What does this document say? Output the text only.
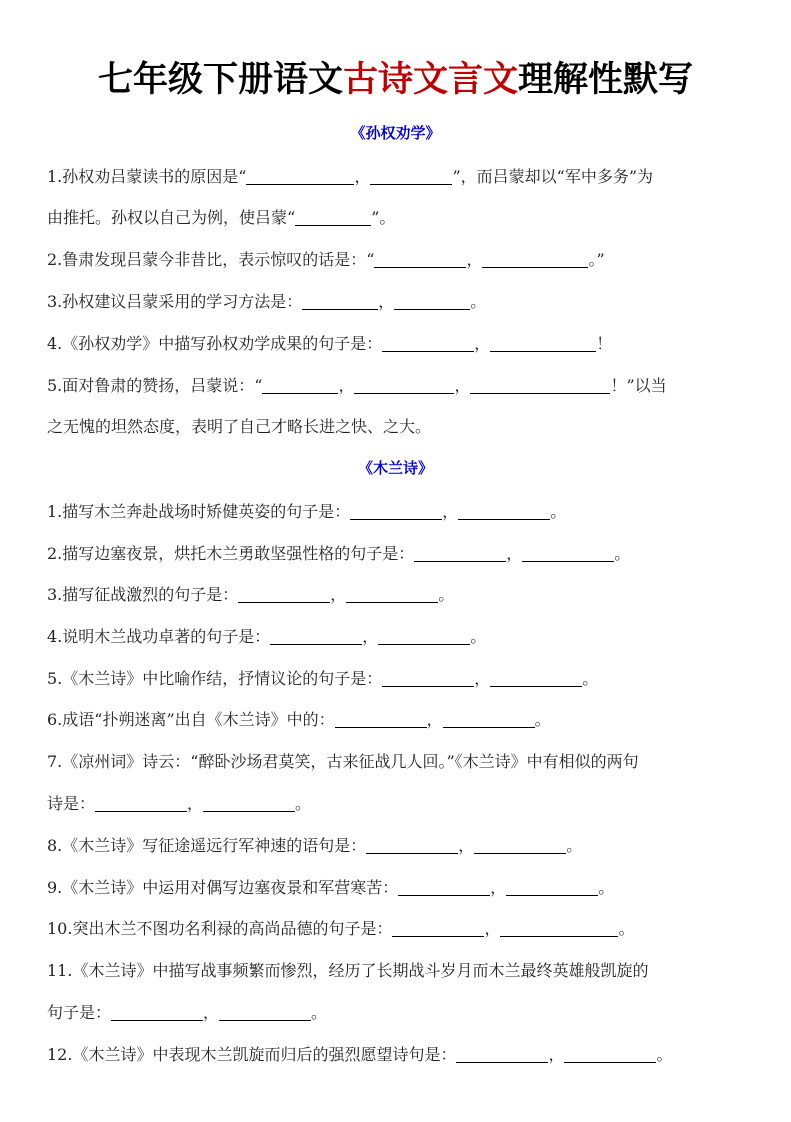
七年级下册语文古诗文言文理解性默写
《孙权劝学》
1.孙权劝吕蒙读书的原因是“	，	”，而吕蒙却以“军中多务”为
由推托。孙权以自己为例，使吕蒙“	”。
2.鲁肃发现吕蒙今非昔比，表示惊叹的话是：“	，	。”
3.孙权建议吕蒙采用的学习方法是：	，	。
4.《孙权劝学》中描写孙权劝学成果的句子是：	，	！
5.面对鲁肃的赞扬，吕蒙说：“	，	，	！”以当
之无愧的坦然态度，表明了自己才略长进之快、之大。
《木兰诗》
1.描写木兰奔赴战场时矫健英姿的句子是：	，	。
2.描写边塞夜景，烘托木兰勇敢坚强性格的句子是：	，	。
3.描写征战激烈的句子是：	，	。
4.说明木兰战功卓著的句子是：	，	。
5.《木兰诗》中比喻作结，抒情议论的句子是：	，	。
6.成语“扑朔迷离”出自《木兰诗》中的：	，	。
7.《凉州词》诗云：“醉卧沙场君莫笑，古来征战几人回。”《木兰诗》中有相似的两句
诗是：	，	。
8.《木兰诗》写征途遥远行军神速的语句是：	，	。
9.《木兰诗》中运用对偶写边塞夜景和军营寒苦：	，	。
10.突出木兰不图功名利禄的高尚品德的句子是：	，	。
11.《木兰诗》中描写战事频繁而惨烈，经历了长期战斗岁月而木兰最终英雄般凯旋的
句子是：	，	。
12.《木兰诗》中表现木兰凯旋而归后的强烈愿望诗句是：	，	。
